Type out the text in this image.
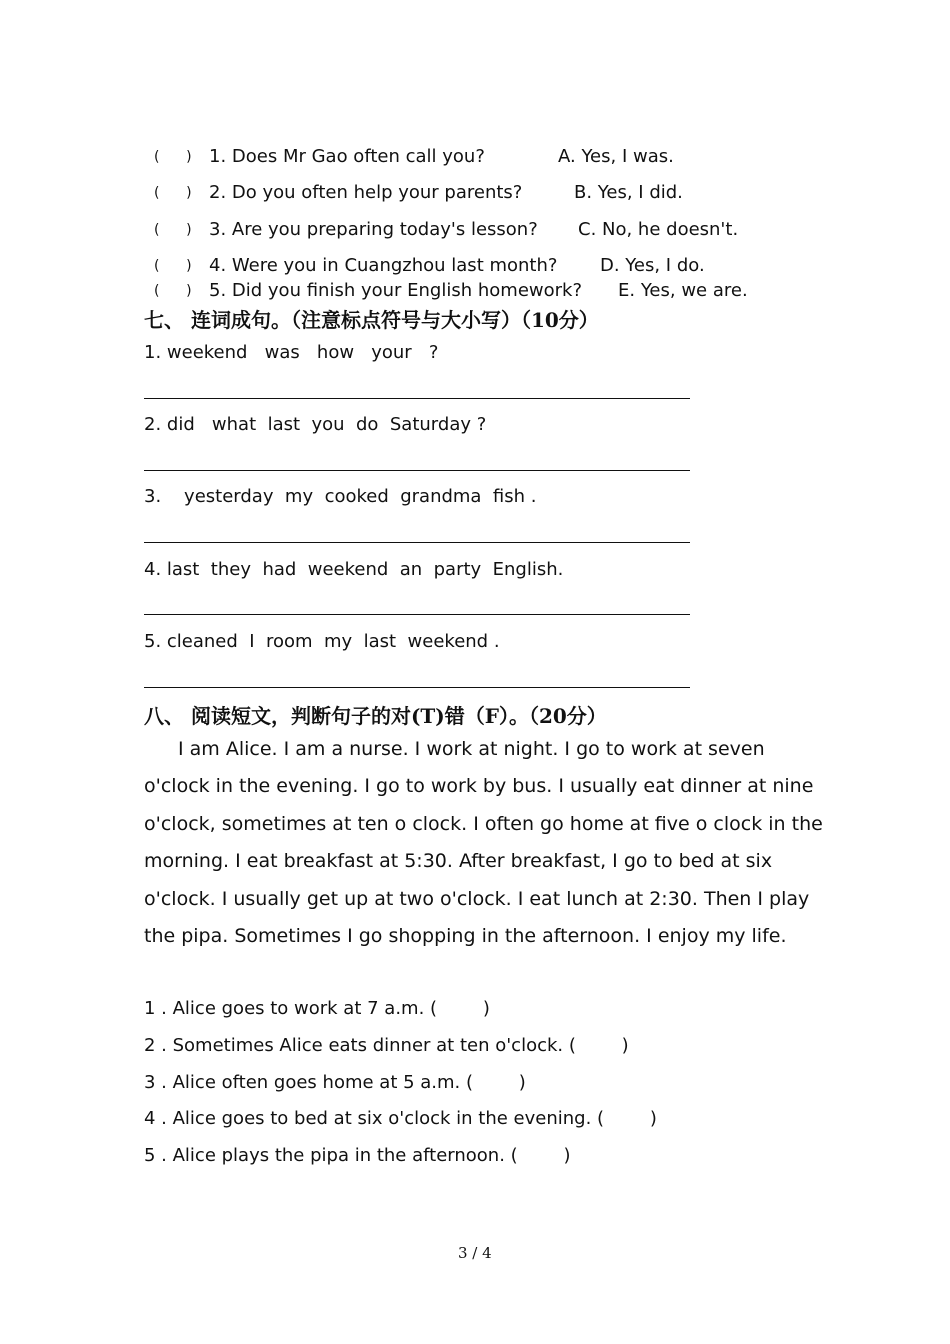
(      ) 1. Does Mr Gao often call you?	A. Yes, I was.
(      ) 2. Do you often help your parents?	B. Yes, I did.
(      ) 3. Are you preparing today's lesson? C. No, he doesn't.
(      ) 4. Were you in Cuangzhou last month? D. Yes, I do.
(      ) 5. Did you finish your English homework? E. Yes, we are.
七、 连词成句。（注意标点符号与大小写）（10分）
1. weekend   was   how   your   ?
2. did   what  last  you  do  Saturday ?
3.    yesterday  my  cooked  grandma  fish .
4. last  they  had  weekend  an  party  English.
5. cleaned  I  room  my  last  weekend .
八、 阅读短文，判断句子的对(T)错（F）。（20分）
I am Alice. I am a nurse. I work at night. I go to work at seven o'clock in the evening. I go to work by bus. I usually eat dinner at nine o'clock, sometimes at ten o clock. I often go home at five o clock in the morning. I eat breakfast at 5:30. After breakfast, I go to bed at six o'clock. I usually get up at two o'clock. I eat lunch at 2:30. Then I play the pipa. Sometimes I go shopping in the afternoon. I enjoy my life.
1 . Alice goes to work at 7 a.m. (        )
2 . Sometimes Alice eats dinner at ten o'clock. (        )
3 . Alice often goes home at 5 a.m. (        )
4 . Alice goes to bed at six o'clock in the evening. (        )
5 . Alice plays the pipa in the afternoon. (        )
3 / 4
